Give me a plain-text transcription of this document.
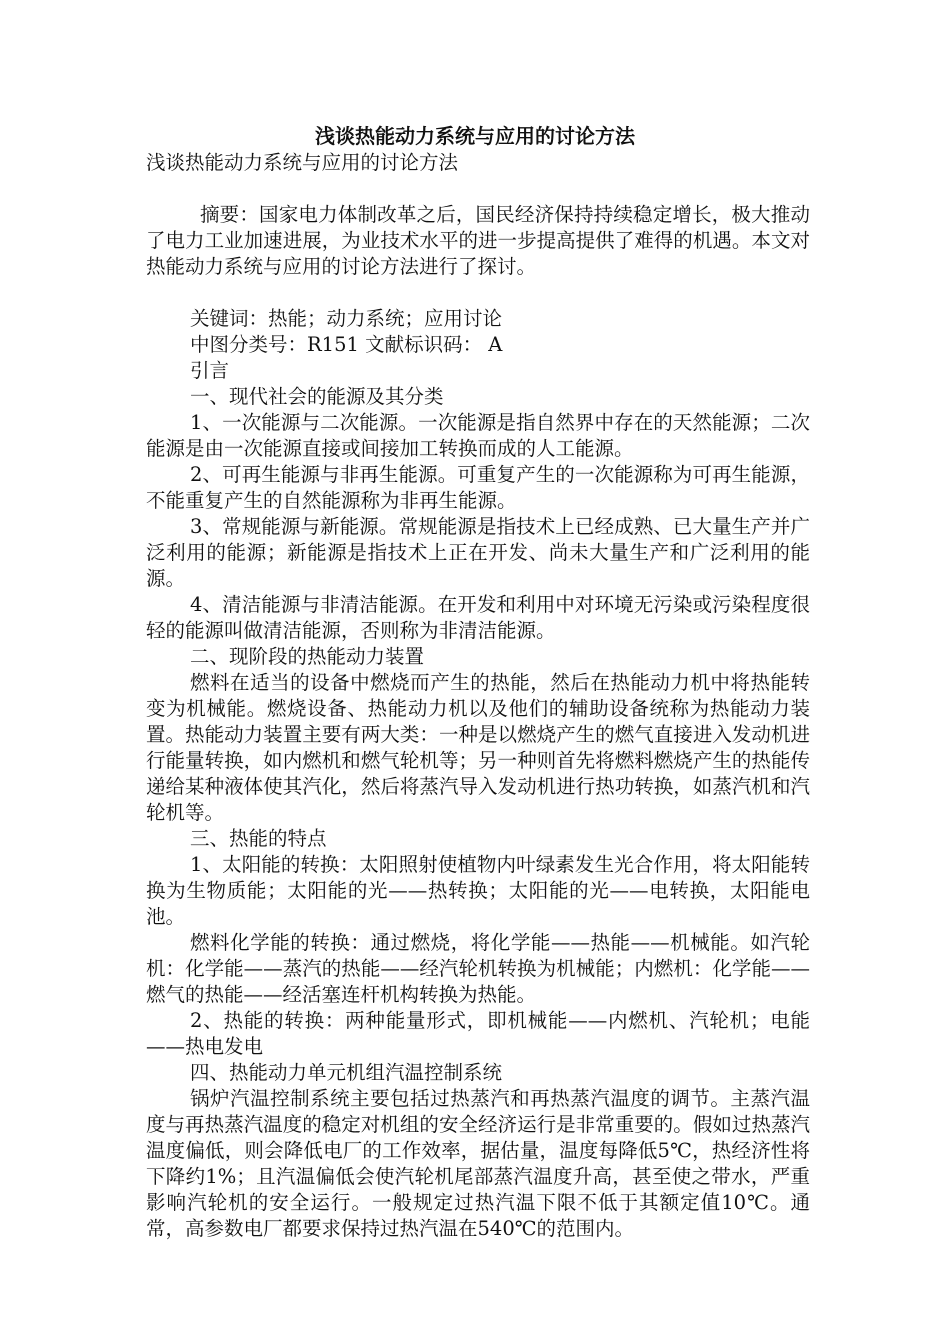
浅谈热能动力系统与应用的讨论方法

浅谈热能动力系统与应用的讨论方法

摘要：国家电力体制改革之后，国民经济保持持续稳定增长，极大推动了电力工业加速进展，为业技术水平的进一步提高提供了难得的机遇。本文对热能动力系统与应用的讨论方法进行了探讨。

关键词：热能；动力系统；应用讨论

中图分类号：R151 文献标识码： A

引言

一、现代社会的能源及其分类

1、一次能源与二次能源。一次能源是指自然界中存在的天然能源；二次能源是由一次能源直接或间接加工转换而成的人工能源。

2、可再生能源与非再生能源。可重复产生的一次能源称为可再生能源，不能重复产生的自然能源称为非再生能源。

3、常规能源与新能源。常规能源是指技术上已经成熟、已大量生产并广泛利用的能源；新能源是指技术上正在开发、尚未大量生产和广泛利用的能源。

4、清洁能源与非清洁能源。在开发和利用中对环境无污染或污染程度很轻的能源叫做清洁能源，否则称为非清洁能源。

二、现阶段的热能动力装置

燃料在适当的设备中燃烧而产生的热能，然后在热能动力机中将热能转变为机械能。燃烧设备、热能动力机以及他们的辅助设备统称为热能动力装置。热能动力装置主要有两大类：一种是以燃烧产生的燃气直接进入发动机进行能量转换，如内燃机和燃气轮机等；另一种则首先将燃料燃烧产生的热能传递给某种液体使其汽化，然后将蒸汽导入发动机进行热功转换，如蒸汽机和汽轮机等。

三、热能的特点

1、太阳能的转换：太阳照射使植物内叶绿素发生光合作用，将太阳能转换为生物质能；太阳能的光——热转换；太阳能的光——电转换，太阳能电池。

燃料化学能的转换：通过燃烧，将化学能——热能——机械能。如汽轮机：化学能——蒸汽的热能——经汽轮机转换为机械能；内燃机：化学能——燃气的热能——经活塞连杆机构转换为热能。

2、热能的转换：两种能量形式，即机械能——内燃机、汽轮机；电能——热电发电

四、热能动力单元机组汽温控制系统

锅炉汽温控制系统主要包括过热蒸汽和再热蒸汽温度的调节。主蒸汽温度与再热蒸汽温度的稳定对机组的安全经济运行是非常重要的。假如过热蒸汽温度偏低，则会降低电厂的工作效率，据估量，温度每降低5℃，热经济性将下降约1%；且汽温偏低会使汽轮机尾部蒸汽温度升高，甚至使之带水，严重影响汽轮机的安全运行。一般规定过热汽温下限不低于其额定值10℃。通常，高参数电厂都要求保持过热汽温在540℃的范围内。
